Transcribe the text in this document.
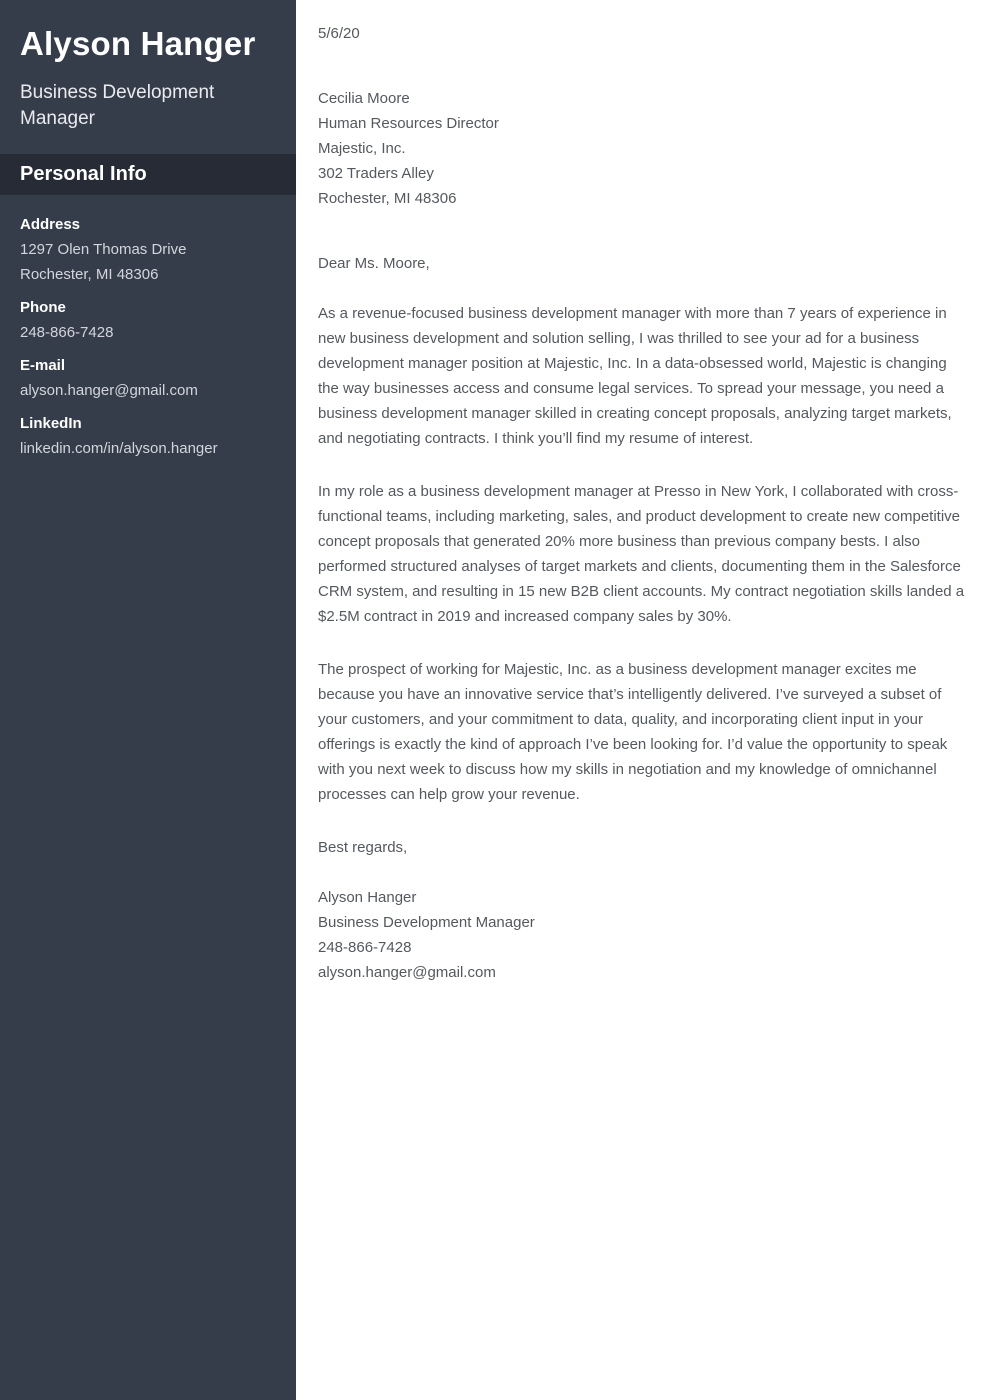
Alyson Hanger
Business Development Manager
Personal Info
Address
1297 Olen Thomas Drive
Rochester, MI 48306
Phone
248-866-7428
E-mail
alyson.hanger@gmail.com
LinkedIn
linkedin.com/in/alyson.hanger
5/6/20
Cecilia Moore
Human Resources Director
Majestic, Inc.
302 Traders Alley
Rochester, MI 48306
Dear Ms. Moore,

As a revenue-focused business development manager with more than 7 years of experience in new business development and solution selling, I was thrilled to see your ad for a business development manager position at Majestic, Inc. In a data-obsessed world, Majestic is changing the way businesses access and consume legal services. To spread your message, you need a business development manager skilled in creating concept proposals, analyzing target markets, and negotiating contracts. I think you’ll find my resume of interest.

In my role as a business development manager at Presso in New York, I collaborated with cross-functional teams, including marketing, sales, and product development to create new competitive concept proposals that generated 20% more business than previous company bests. I also performed structured analyses of target markets and clients, documenting them in the Salesforce CRM system, and resulting in 15 new B2B client accounts. My contract negotiation skills landed a $2.5M contract in 2019 and increased company sales by 30%.

The prospect of working for Majestic, Inc. as a business development manager excites me because you have an innovative service that’s intelligently delivered. I’ve surveyed a subset of your customers, and your commitment to data, quality, and incorporating client input in your offerings is exactly the kind of approach I’ve been looking for. I’d value the opportunity to speak with you next week to discuss how my skills in negotiation and my knowledge of omnichannel processes can help grow your revenue.

Best regards,
Alyson Hanger
Business Development Manager
248-866-7428
alyson.hanger@gmail.com
